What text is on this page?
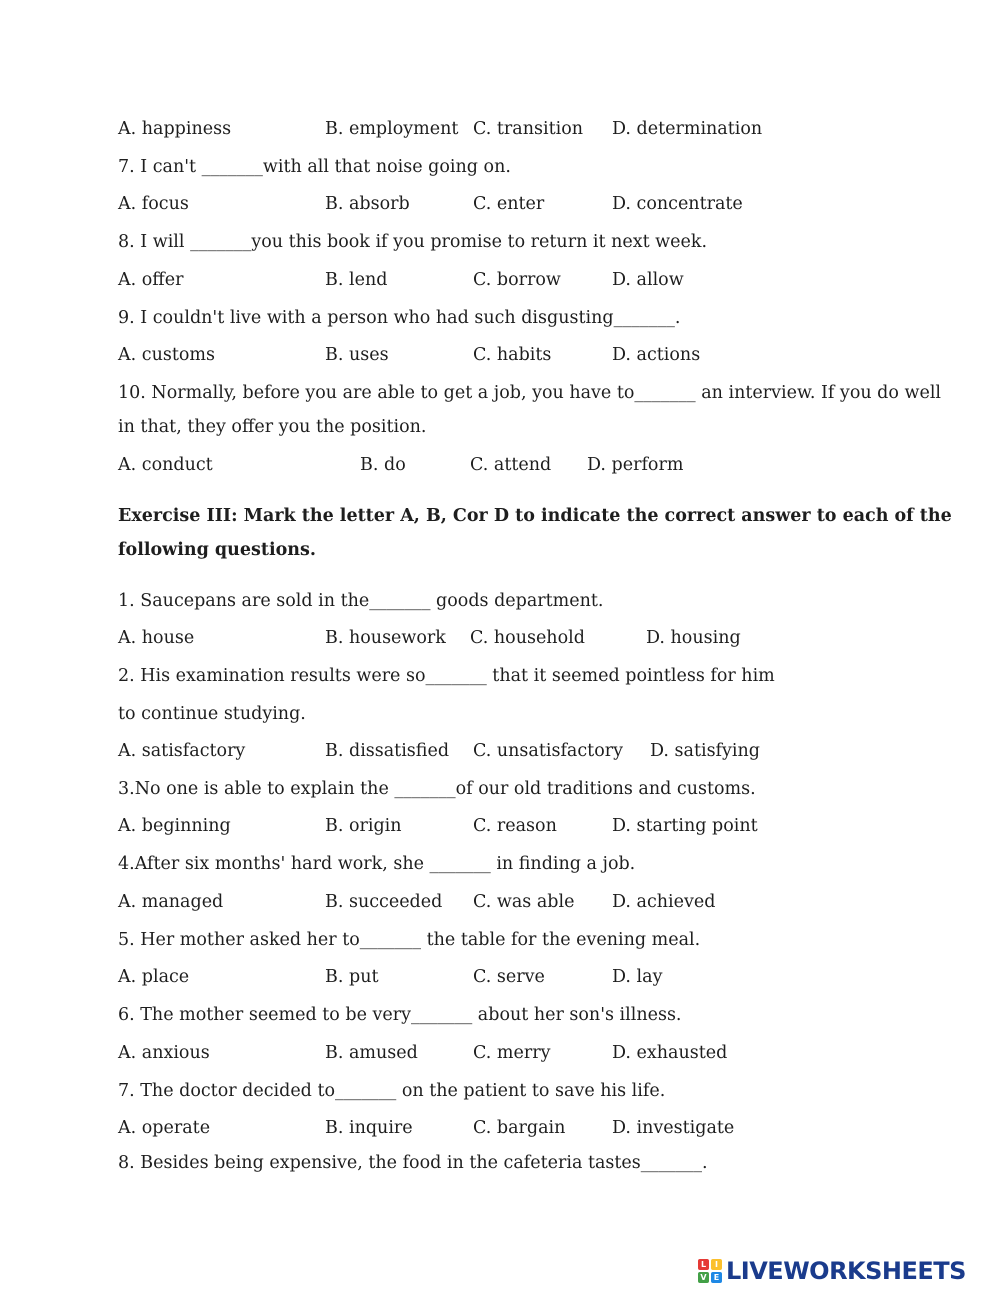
A. happiness	B. employment C. transition D. determination
7. I can't _______with all that noise going on.
A. focus	B. absorb	C. enter	D. concentrate
8. I will _______you this book if you promise to return it next week.
A. offer	B. lend	C. borrow	D. allow
9. I couldn't live with a person who had such disgusting_______.
A. customs	B. uses	C. habits	D. actions
10. Normally, before you are able to get a job, you have to_______ an interview. If you do well
in that, they offer you the position.
A. conduct	B. do	C. attend D. perform
Exercise III: Mark the letter A, B, Cor D to indicate the correct answer to each of the
following questions.
1. Saucepans are sold in the_______ goods department.
A. house	B. housework C. household	D. housing
2. His examination results were so_______ that it seemed pointless for him
to continue studying.
A. satisfactory	B. dissatisfied C. unsatisfactory D. satisfying
3.No one is able to explain the _______of our old traditions and customs.
A. beginning	B. origin	C. reason	D. starting point
4.After six months' hard work, she _______ in finding a job.
A. managed	B. succeeded C. was able D. achieved
5. Her mother asked her to_______ the table for the evening meal.
A. place	B. put	C. serve	D. lay
6. The mother seemed to be very_______ about her son's illness.
A. anxious	B. amused	C. merry	D. exhausted
7. The doctor decided to_______ on the patient to save his life.
A. operate	B. inquire	C. bargain	D. investigate
8. Besides being expensive, the food in the cafeteria tastes_______.
L	I
V E LIVEWORKSHEETS
